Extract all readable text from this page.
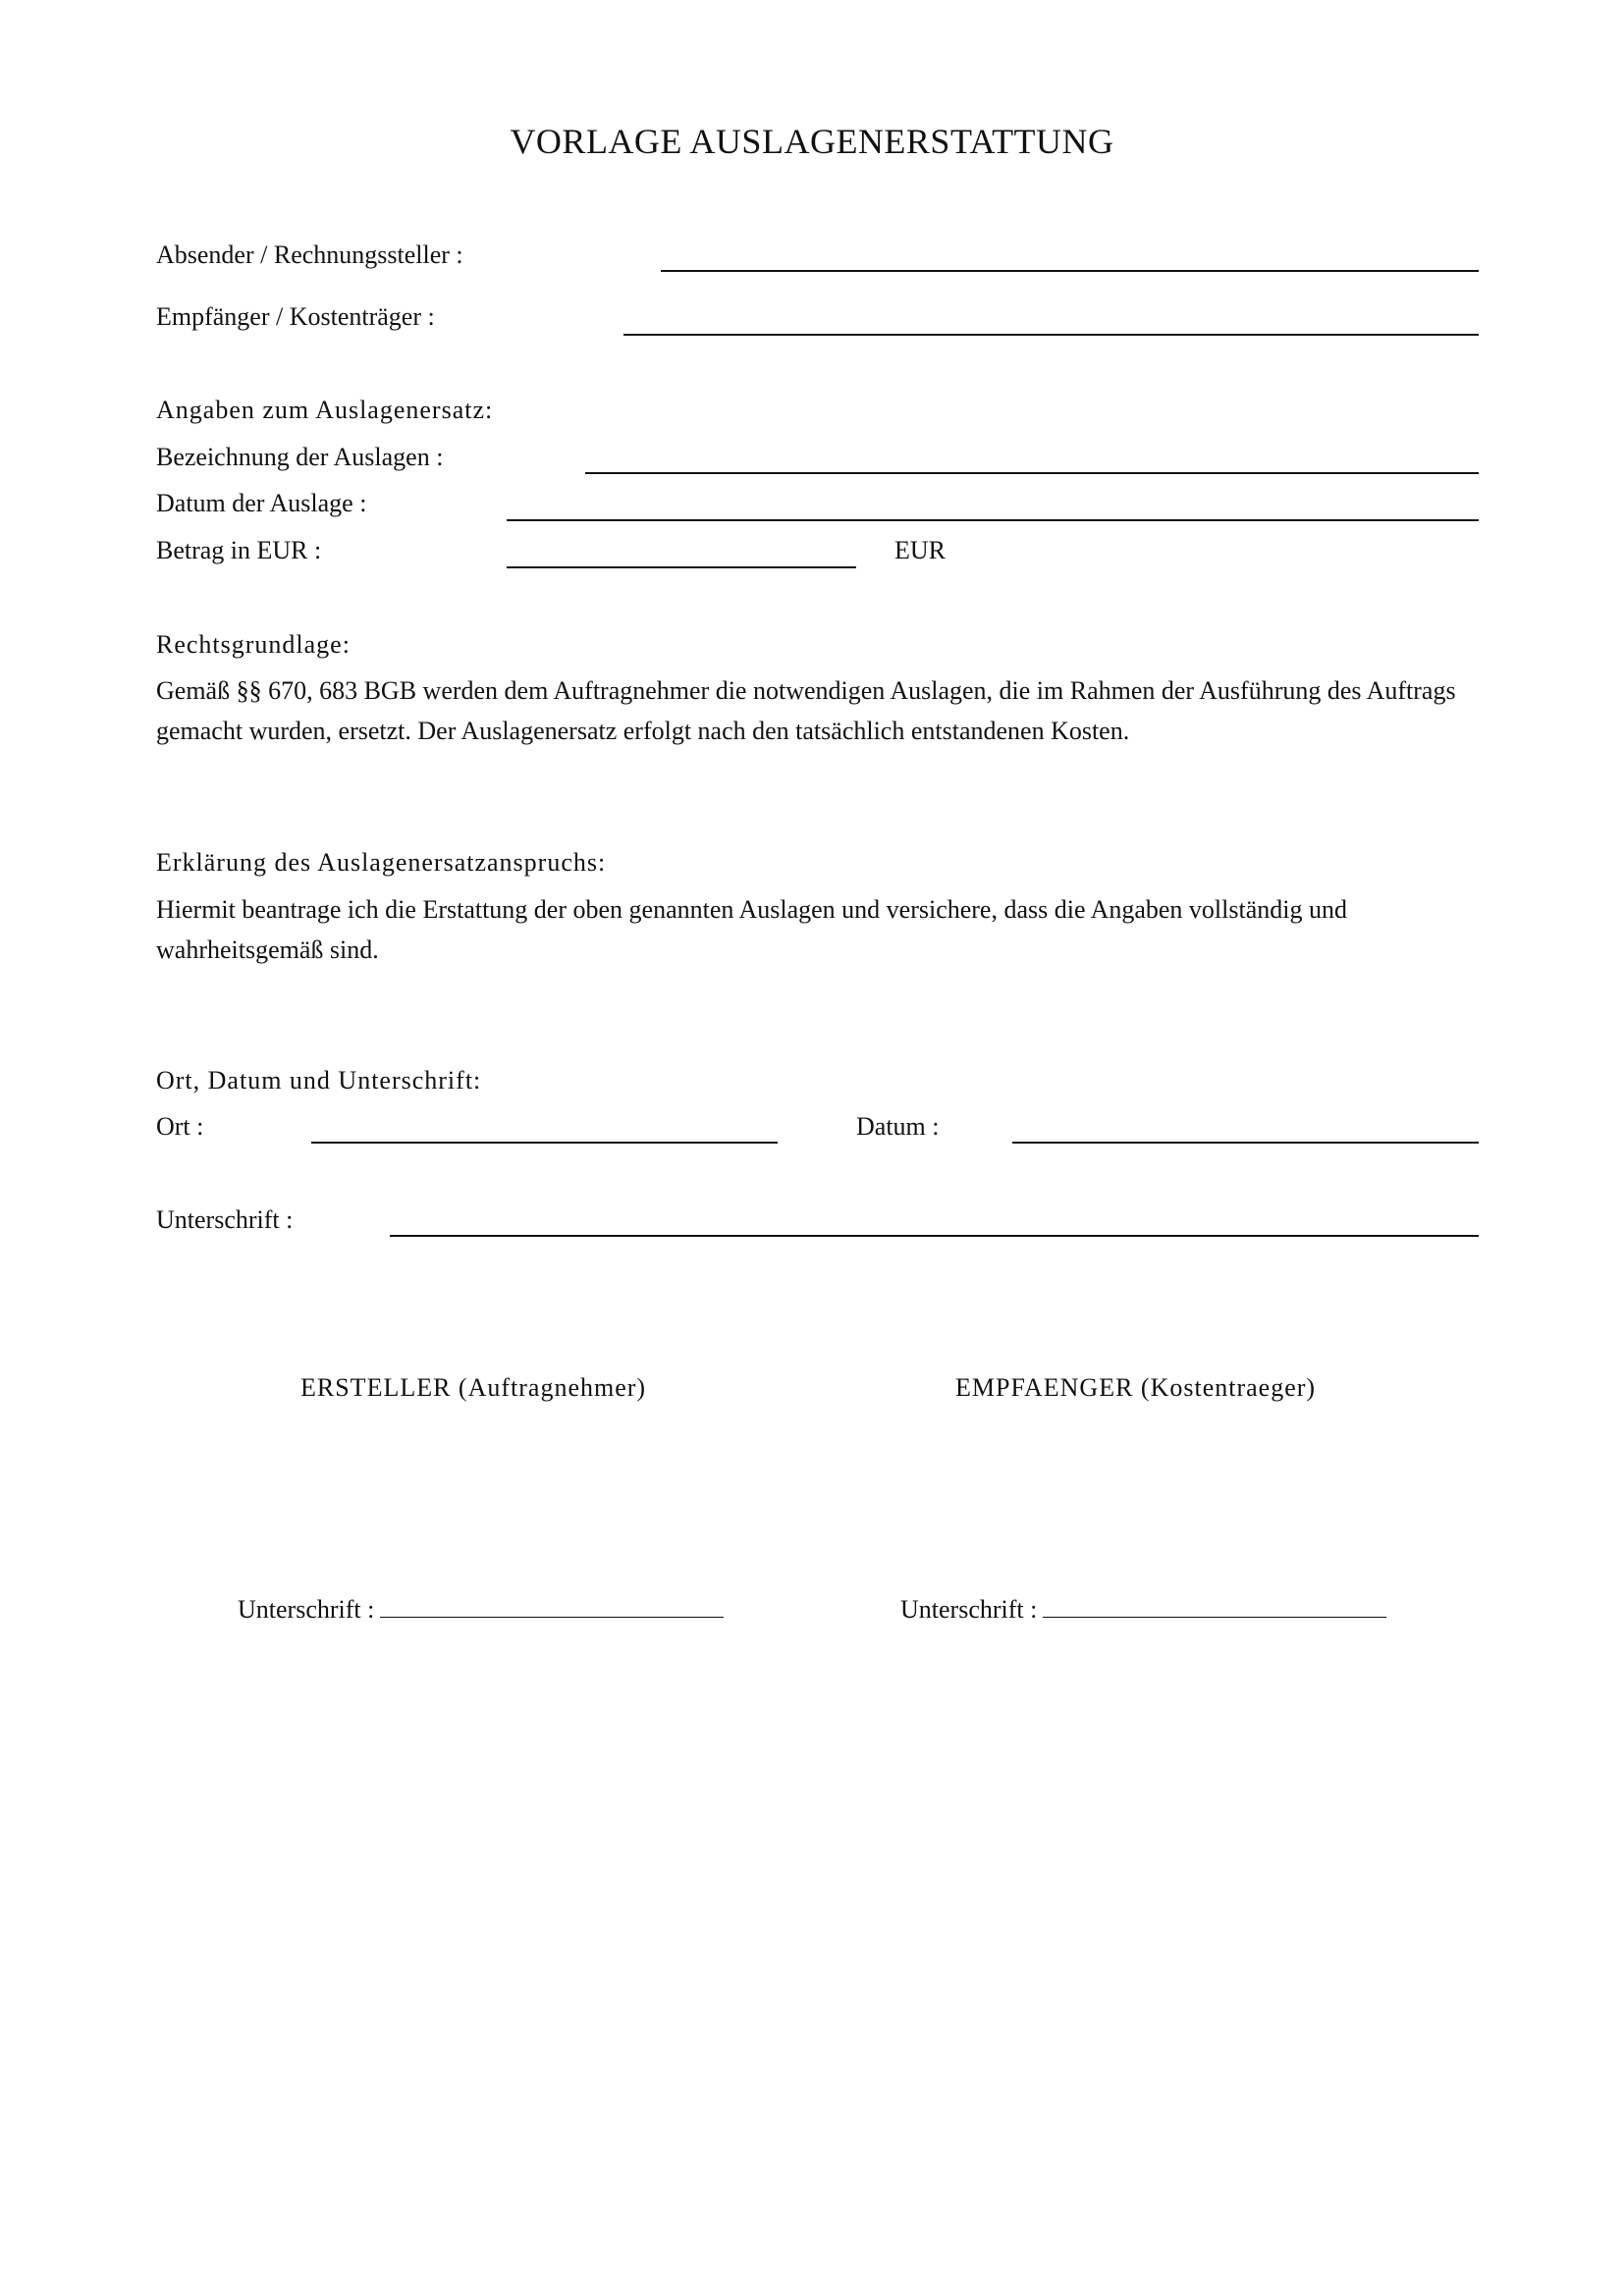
VORLAGE AUSLAGENERSTATTUNG
Absender / Rechnungssteller :
Empfänger / Kostenträger :
Angaben zum Auslagenersatz:
Bezeichnung der Auslagen :
Datum der Auslage :
Betrag in EUR :	EUR
Rechtsgrundlage:
Gemäß §§ 670, 683 BGB werden dem Auftragnehmer die notwendigen Auslagen, die im Rahmen der Ausführung des Auftrags gemacht wurden, ersetzt. Der Auslagenersatz erfolgt nach den tatsächlich entstandenen Kosten.
Erklärung des Auslagenersatzanspruchs:
Hiermit beantrage ich die Erstattung der oben genannten Auslagen und versichere, dass die Angaben vollständig und wahrheitsgemäß sind.
Ort, Datum und Unterschrift:
Ort :	Datum :
Unterschrift :
ERSTELLER (Auftragnehmer)	EMPFAENGER (Kostentraeger)
Unterschrift :	Unterschrift :
